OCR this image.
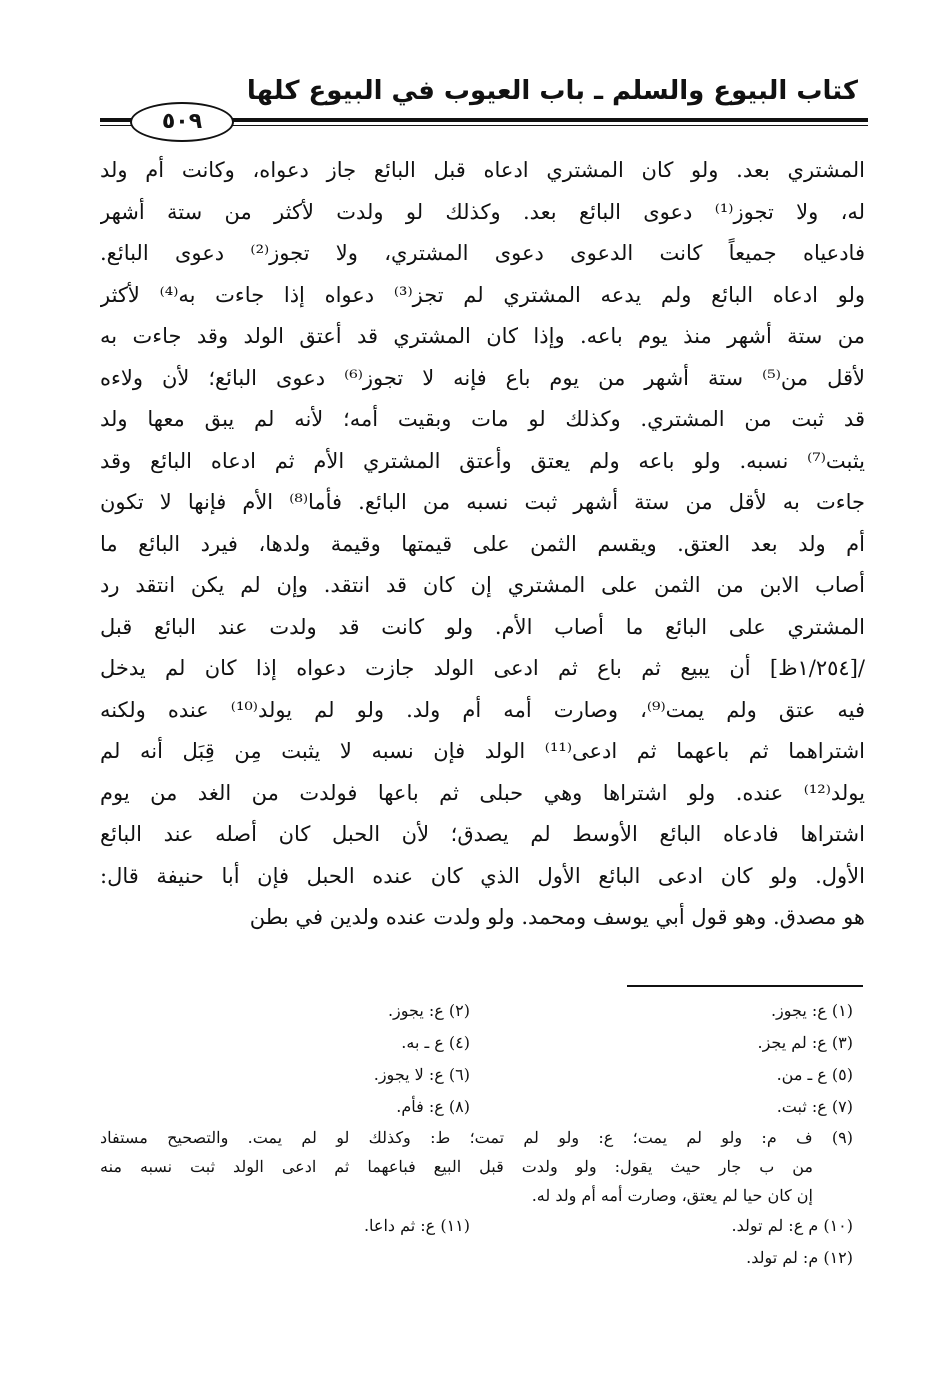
كتاب البيوع والسلم ـ باب العيوب في البيوع كلها
٥٠٩
المشتري بعد. ولو كان المشتري ادعاه قبل البائع جاز دعواه، وكانت أم ولد
له، ولا تجوز⁽¹⁾ دعوى البائع بعد. وكذلك لو ولدت لأكثر من ستة أشهر
فادعياه جميعاً كانت الدعوى دعوى المشتري، ولا تجوز⁽²⁾ دعوى البائع.
ولو ادعاه البائع ولم يدعه المشتري لم تجز⁽³⁾ دعواه إذا جاءت به⁽⁴⁾ لأكثر
من ستة أشهر منذ يوم باعه. وإذا كان المشتري قد أعتق الولد وقد جاءت به
لأقل من⁽⁵⁾ ستة أشهر من يوم باع فإنه لا تجوز⁽⁶⁾ دعوى البائع؛ لأن ولاءه
قد ثبت من المشتري. وكذلك لو مات وبقيت أمه؛ لأنه لم يبق معها ولد
يثبت⁽⁷⁾ نسبه. ولو باعه ولم يعتق وأعتق المشتري الأم ثم ادعاه البائع وقد
جاءت به لأقل من ستة أشهر ثبت نسبه من البائع. فأما⁽⁸⁾ الأم فإنها لا تكون
أم ولد بعد العتق. ويقسم الثمن على قيمتها وقيمة ولدها، فيرد البائع ما
أصاب الابن من الثمن على المشتري إن كان قد انتقد. وإن لم يكن انتقد رد
المشتري على البائع ما أصاب الأم. ولو كانت قد ولدت عند البائع قبل
/[١/٢٥٤ظ] أن يبيع ثم باع ثم ادعى الولد جازت دعواه إذا كان لم يدخل
فيه عتق ولم يمت⁽⁹⁾، وصارت أمه أم ولد. ولو لم يولد⁽¹⁰⁾ عنده ولكنه
اشتراهما ثم باعهما ثم ادعى⁽¹¹⁾ الولد فإن نسبه لا يثبت مِن قِبَل أنه لم
يولد⁽¹²⁾ عنده. ولو اشتراها وهي حبلى ثم باعها فولدت من الغد من يوم
اشتراها فادعاه البائع الأوسط لم يصدق؛ لأن الحبل كان أصله عند البائع
الأول. ولو كان ادعى البائع الأول الذي كان عنده الحبل فإن أبا حنيفة قال:
هو مصدق. وهو قول أبي يوسف ومحمد. ولو ولدت عنده ولدين في بطن
(١) ع: يجوز.
(٢) ع: يجوز.
(٣) ع: لم يجز.
(٤) ع ـ به.
(٥) ع ـ من.
(٦) ع: لا يجوز.
(٧) ع: ثبت.
(٨) ع: فأم.
(٩) ف م: ولو لم يمت؛ ع: ولو لم تمت؛ ط: وكذلك لو لم يمت. والتصحيح مستفاد
من ب جار حيث يقول: ولو ولدت قبل البيع فباعهما ثم ادعى الولد ثبت نسبه منه
إن كان حيا لم يعتق، وصارت أمه أم ولد له.
(١٠) م ع: لم تولد.
(١١) ع: ثم داعا.
(١٢) م: لم تولد.
